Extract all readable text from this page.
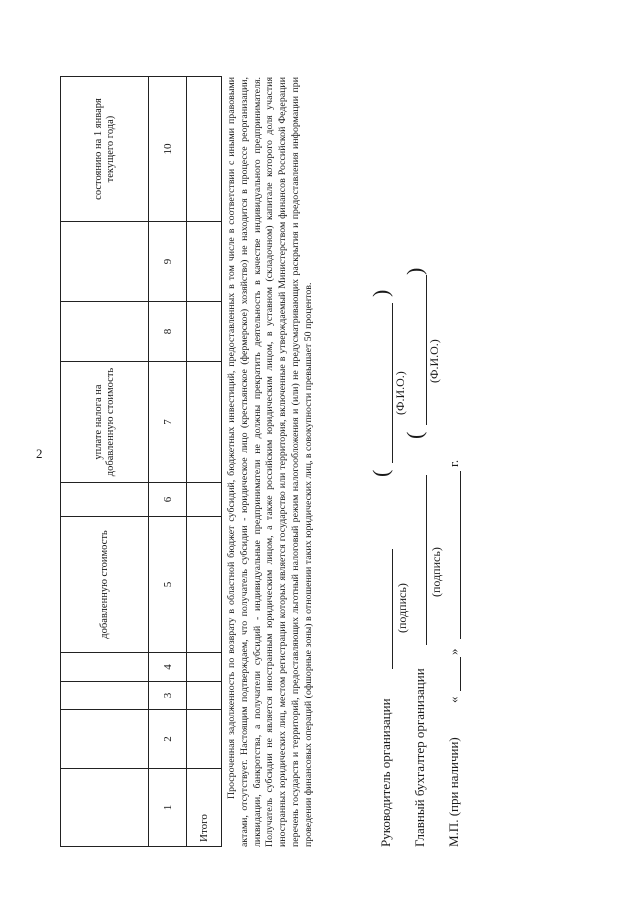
2
				добавленную стоимость		уплате налога на добавленную стоимость			состоянию на 1 января текущего года)
1	2	3	4	5	6	7	8	9	10
Итого									

Просроченная задолженность по возврату в областной бюджет субсидий, бюджетных инвестиций, предоставленных в том числе в соответствии с иными правовыми актами, отсутствует. Настоящим подтверждаем, что получатель субсидии - юридическое лицо (крестьянское (фермерское) хозяйство) не находится в процессе реорганизации, ликвидации, банкротства, а получатели субсидий - индивидуальные предприниматели не должны прекратить деятельность в качестве индивидуального предпринимателя. Получатель субсидии не является иностранным юридическим лицом, а также российским юридическим лицом, в уставном (складочном) капитале которого доля участия иностранных юридических лиц, местом регистрации которых является государство или территория, включенные в утверждаемый Министерством финансов Российской Федерации перечень государств и территорий, предоставляющих льготный налоговый режим налогообложения и (или) не предусматривающих раскрытия и предоставления информации при проведении финансовых операций (офшорные зоны) в отношении таких юридических лиц, в совокупности превышает 50 процентов.	Руководитель организации
(подпись)
(
(Ф.И.О.)
)
Главный бухгалтер организации
(подпись)
(
(Ф.И.О.)
)
М.П. (при наличии)
«
»
г.
